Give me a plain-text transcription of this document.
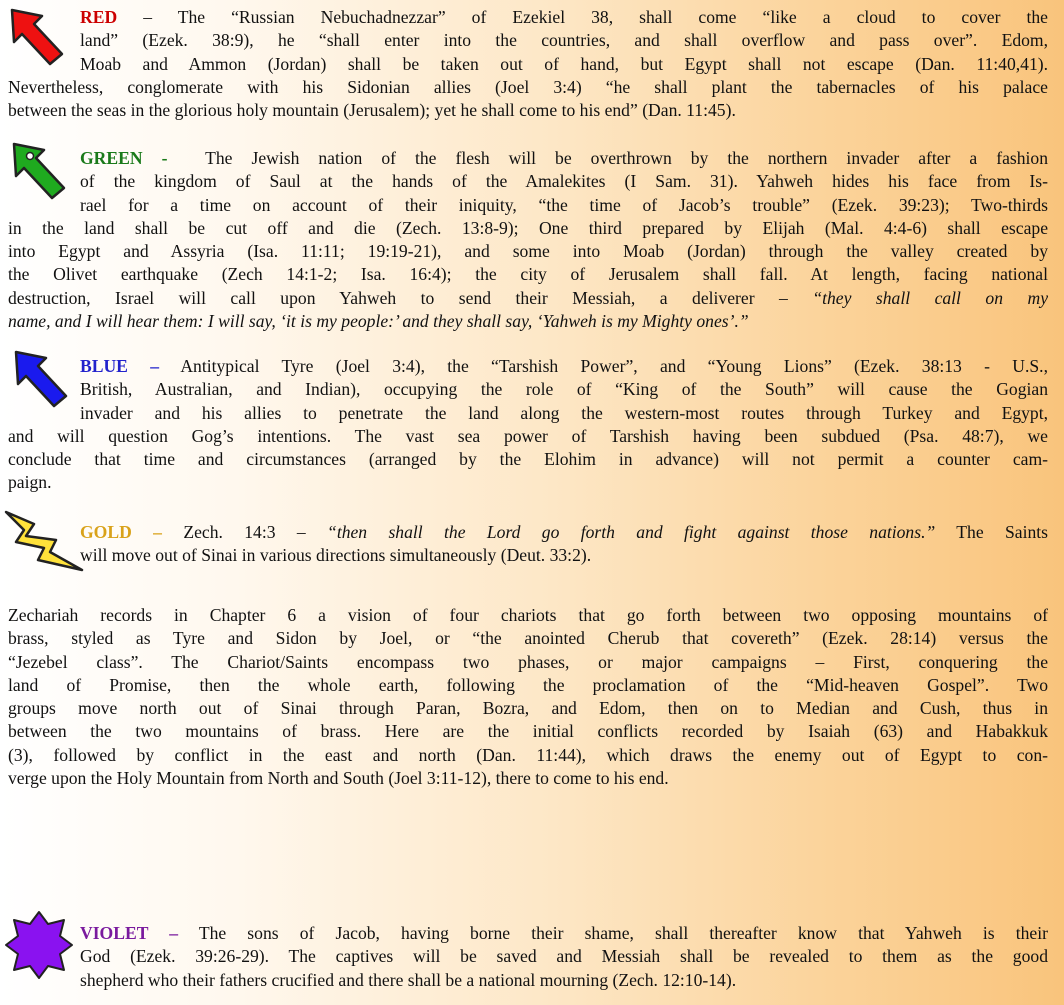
RED – The “Russian Nebuchadnezzar” of Ezekiel 38, shall come “like a cloud to cover the

land” (Ezek. 38:9), he “shall enter into the countries, and shall overflow and pass over”. Edom,

Moab and Ammon (Jordan) shall be taken out of hand, but Egypt shall not escape (Dan. 11:40,41).

Nevertheless, conglomerate with his Sidonian allies (Joel 3:4) “he shall plant the tabernacles of his palace

between the seas in the glorious holy mountain (Jerusalem); yet he shall come to his end” (Dan. 11:45).

GREEN - The Jewish nation of the flesh will be overthrown by the northern invader after a fashion

of the kingdom of Saul at the hands of the Amalekites (I Sam. 31). Yahweh hides his face from Is-

rael for a time on account of their iniquity, “the time of Jacob’s trouble” (Ezek. 39:23); Two-thirds

in the land shall be cut off and die (Zech. 13:8-9); One third prepared by Elijah (Mal. 4:4-6) shall escape

into Egypt and Assyria (Isa. 11:11; 19:19-21), and some into Moab (Jordan) through the valley created by

the Olivet earthquake (Zech 14:1-2; Isa. 16:4); the city of Jerusalem shall fall. At length, facing national

destruction, Israel will call upon Yahweh to send their Messiah, a deliverer – “they shall call on my

name, and I will hear them: I will say, ‘it is my people:’ and they shall say, ‘Yahweh is my Mighty ones’.”

BLUE – Antitypical Tyre (Joel 3:4), the “Tarshish Power”, and “Young Lions” (Ezek. 38:13 - U.S.,

British, Australian, and Indian), occupying the role of “King of the South” will cause the Gogian

invader and his allies to penetrate the land along the western-most routes through Turkey and Egypt,

and will question Gog’s intentions. The vast sea power of Tarshish having been subdued (Psa. 48:7), we

conclude that time and circumstances (arranged by the Elohim in advance) will not permit a counter cam-

paign.

GOLD – Zech. 14:3 – “then shall the Lord go forth and fight against those nations.” The Saints

will move out of Sinai in various directions simultaneously (Deut. 33:2).

Zechariah records in Chapter 6 a vision of four chariots that go forth between two opposing mountains of

brass, styled as Tyre and Sidon by Joel, or “the anointed Cherub that covereth” (Ezek. 28:14) versus the

“Jezebel class”. The Chariot/Saints encompass two phases, or major campaigns – First, conquering the

land of Promise, then the whole earth, following the proclamation of the “Mid-heaven Gospel”. Two

groups move north out of Sinai through Paran, Bozra, and Edom, then on to Median and Cush, thus in

between the two mountains of brass. Here are the initial conflicts recorded by Isaiah (63) and Habakkuk

(3), followed by conflict in the east and north (Dan. 11:44), which draws the enemy out of Egypt to con-

verge upon the Holy Mountain from North and South (Joel 3:11-12), there to come to his end.

VIOLET – The sons of Jacob, having borne their shame, shall thereafter know that Yahweh is their

God (Ezek. 39:26-29). The captives will be saved and Messiah shall be revealed to them as the good

shepherd who their fathers crucified and there shall be a national mourning (Zech. 12:10-14).
